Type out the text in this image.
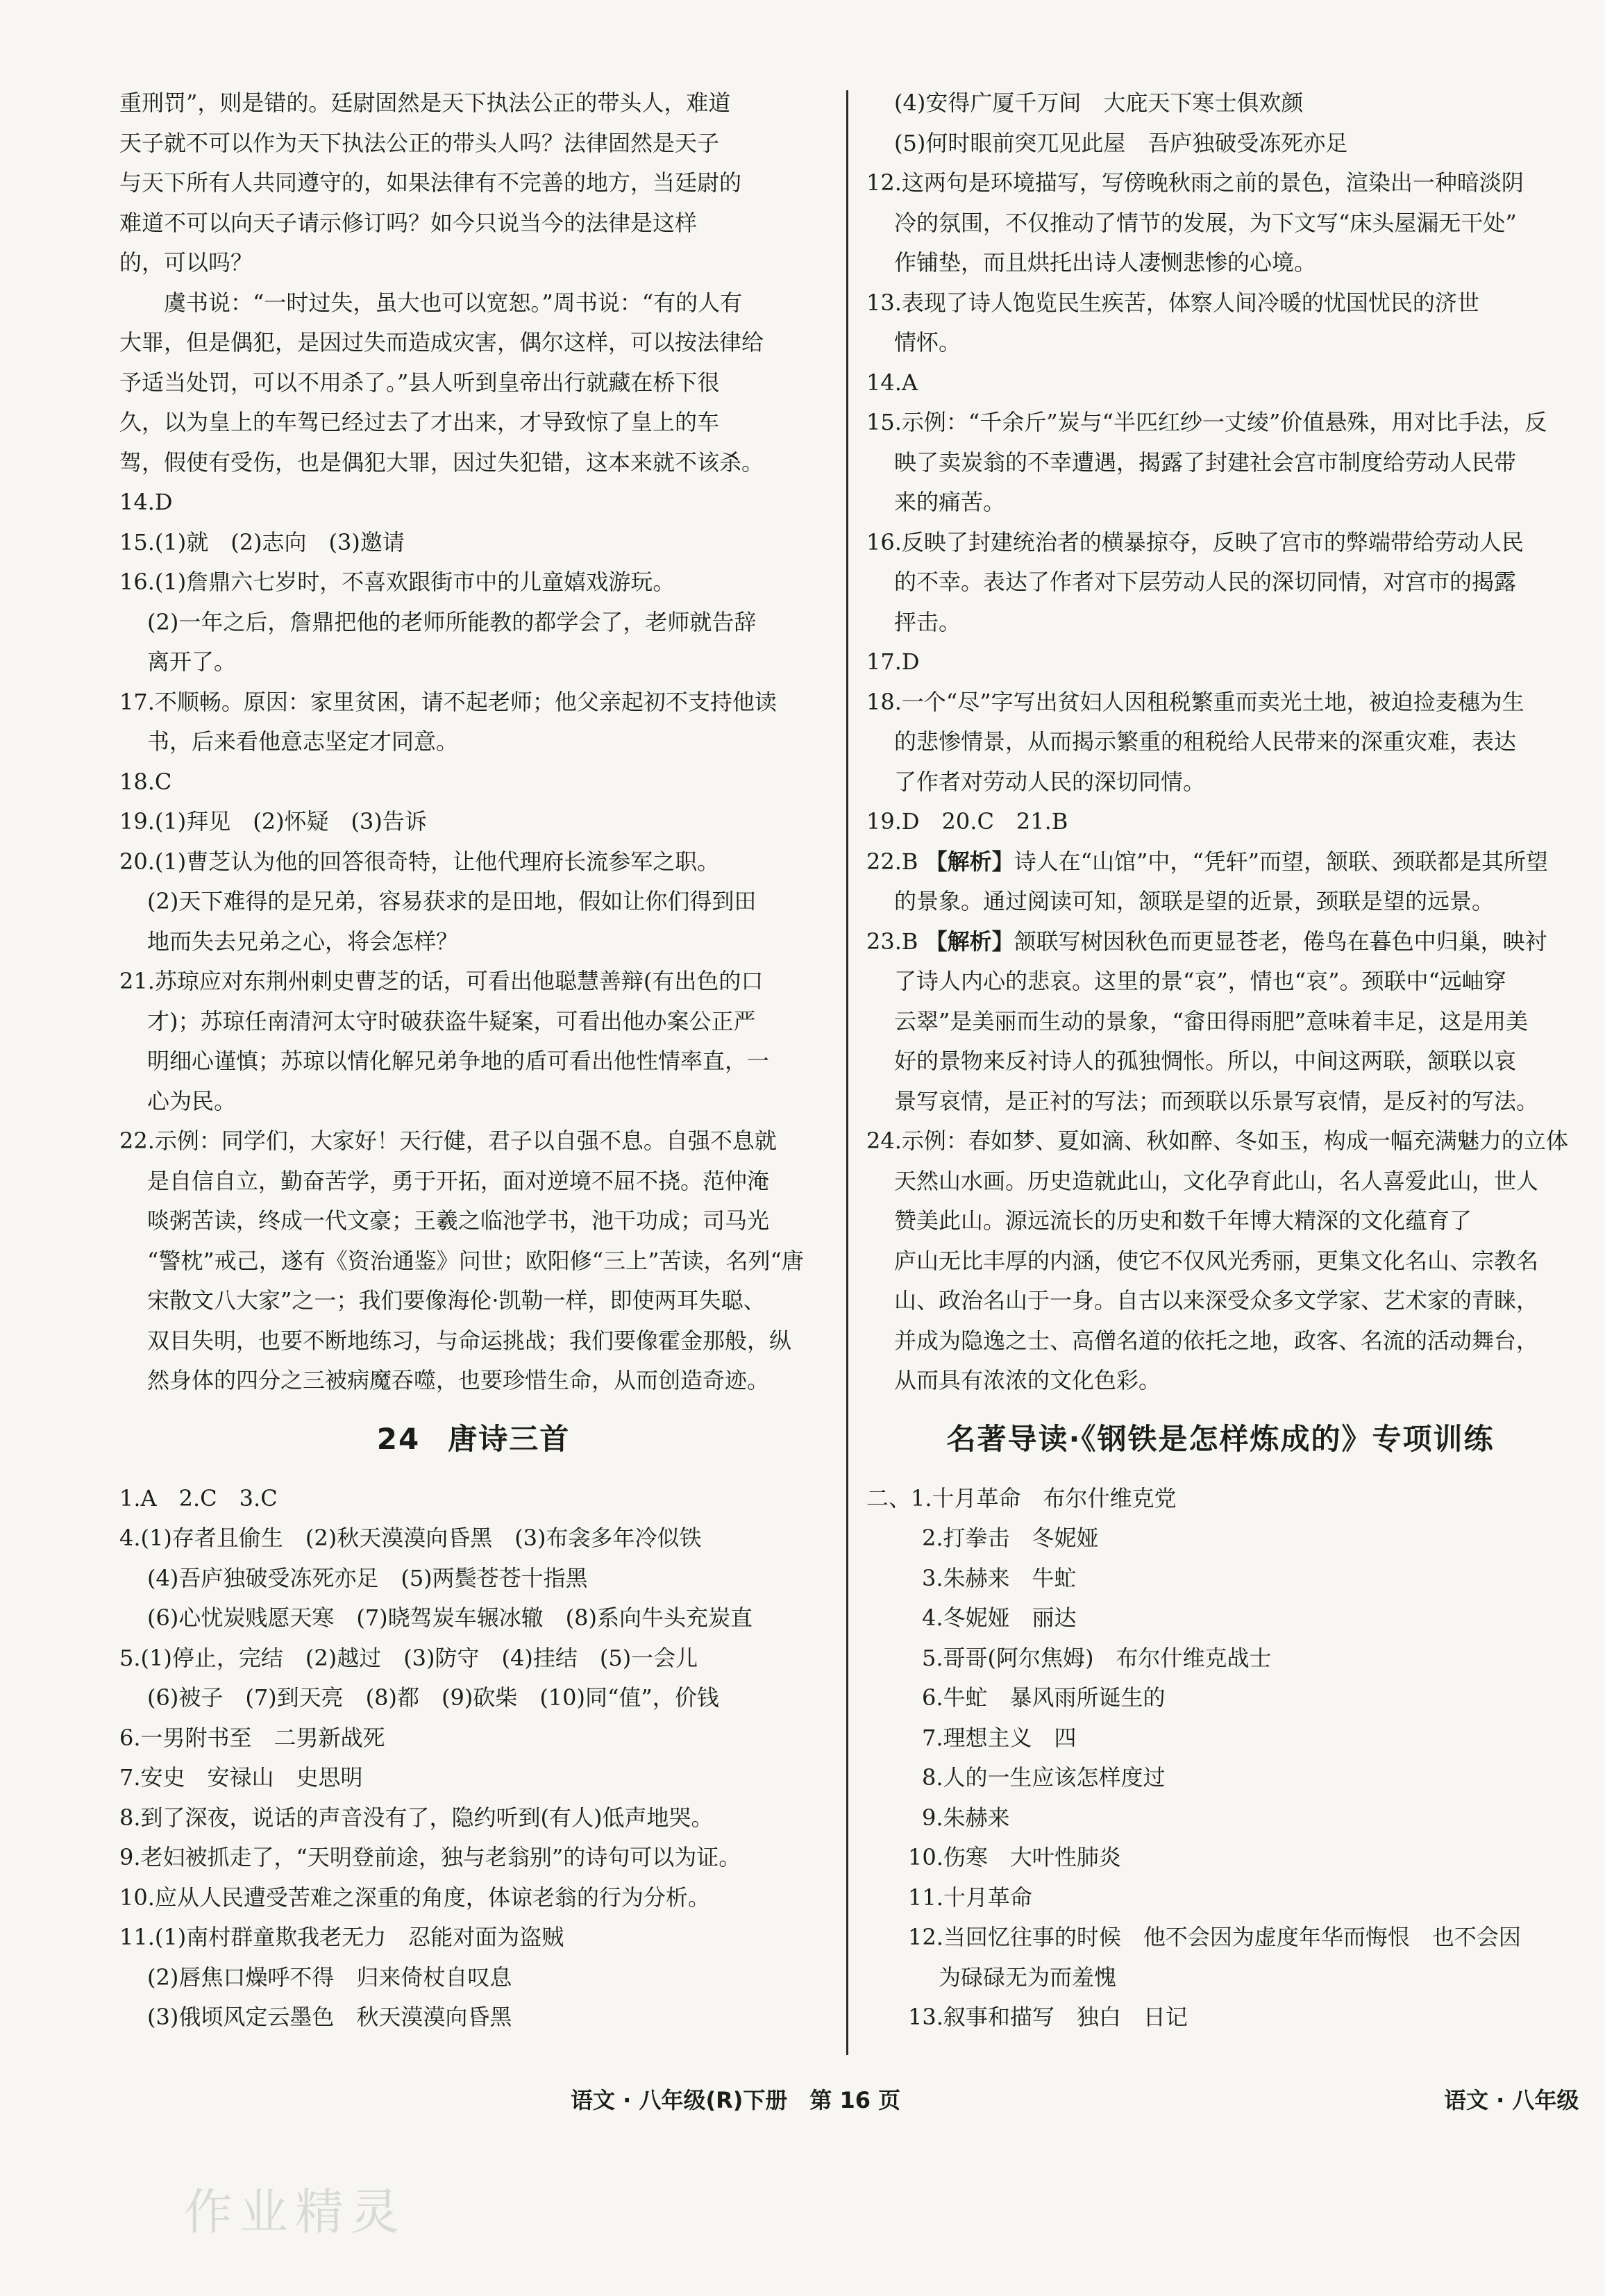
重刑罚”，则是错的。廷尉固然是天下执法公正的带头人，难道
天子就不可以作为天下执法公正的带头人吗？法律固然是天子
与天下所有人共同遵守的，如果法律有不完善的地方，当廷尉的
难道不可以向天子请示修订吗？如今只说当今的法律是这样
的，可以吗？
虞书说：“一时过失，虽大也可以宽恕。”周书说：“有的人有
大罪，但是偶犯，是因过失而造成灾害，偶尔这样，可以按法律给
予适当处罚，可以不用杀了。”县人听到皇帝出行就藏在桥下很
久，以为皇上的车驾已经过去了才出来，才导致惊了皇上的车
驾，假使有受伤，也是偶犯大罪，因过失犯错，这本来就不该杀。
14.D
15.(1)就　(2)志向　(3)邀请
16.(1)詹鼎六七岁时，不喜欢跟街市中的儿童嬉戏游玩。
(2)一年之后，詹鼎把他的老师所能教的都学会了，老师就告辞
离开了。
17.不顺畅。原因：家里贫困，请不起老师；他父亲起初不支持他读
书，后来看他意志坚定才同意。
18.C
19.(1)拜见　(2)怀疑　(3)告诉
20.(1)曹芝认为他的回答很奇特，让他代理府长流参军之职。
(2)天下难得的是兄弟，容易获求的是田地，假如让你们得到田
地而失去兄弟之心，将会怎样？
21.苏琼应对东荆州刺史曹芝的话，可看出他聪慧善辩(有出色的口
才)；苏琼任南清河太守时破获盗牛疑案，可看出他办案公正严
明细心谨慎；苏琼以情化解兄弟争地的盾可看出他性情率直，一
心为民。
22.示例：同学们，大家好！天行健，君子以自强不息。自强不息就
是自信自立，勤奋苦学，勇于开拓，面对逆境不屈不挠。范仲淹
啖粥苦读，终成一代文豪；王羲之临池学书，池干功成；司马光
“警枕”戒己，遂有《资治通鉴》问世；欧阳修“三上”苦读，名列“唐
宋散文八大家”之一；我们要像海伦·凯勒一样，即使两耳失聪、
双目失明，也要不断地练习，与命运挑战；我们要像霍金那般，纵
然身体的四分之三被病魔吞噬，也要珍惜生命，从而创造奇迹。
24 唐诗三首
1.A　2.C　3.C
4.(1)存者且偷生　(2)秋天漠漠向昏黑　(3)布衾多年冷似铁
(4)吾庐独破受冻死亦足　(5)两鬓苍苍十指黑
(6)心忧炭贱愿天寒　(7)晓驾炭车辗冰辙　(8)系向牛头充炭直
5.(1)停止，完结　(2)越过　(3)防守　(4)挂结　(5)一会儿
(6)被子　(7)到天亮　(8)都　(9)砍柴　(10)同“值”，价钱
6.一男附书至　二男新战死
7.安史　安禄山　史思明
8.到了深夜，说话的声音没有了，隐约听到(有人)低声地哭。
9.老妇被抓走了，“天明登前途，独与老翁别”的诗句可以为证。
10.应从人民遭受苦难之深重的角度，体谅老翁的行为分析。
11.(1)南村群童欺我老无力　忍能对面为盗贼
(2)唇焦口燥呼不得　归来倚杖自叹息
(3)俄顷风定云墨色　秋天漠漠向昏黑
(4)安得广厦千万间　大庇天下寒士俱欢颜
(5)何时眼前突兀见此屋　吾庐独破受冻死亦足
12.这两句是环境描写，写傍晚秋雨之前的景色，渲染出一种暗淡阴
冷的氛围，不仅推动了情节的发展，为下文写“床头屋漏无干处”
作铺垫，而且烘托出诗人凄恻悲惨的心境。
13.表现了诗人饱览民生疾苦，体察人间冷暖的忧国忧民的济世
情怀。
14.A
15.示例：“千余斤”炭与“半匹红纱一丈绫”价值悬殊，用对比手法，反
映了卖炭翁的不幸遭遇，揭露了封建社会宫市制度给劳动人民带
来的痛苦。
16.反映了封建统治者的横暴掠夺，反映了宫市的弊端带给劳动人民
的不幸。表达了作者对下层劳动人民的深切同情，对宫市的揭露
抨击。
17.D
18.一个“尽”字写出贫妇人因租税繁重而卖光土地，被迫捡麦穗为生
的悲惨情景，从而揭示繁重的租税给人民带来的深重灾难，表达
了作者对劳动人民的深切同情。
19.D　20.C　21.B
22.B 【解析】诗人在“山馆”中，“凭轩”而望，颔联、颈联都是其所望
的景象。通过阅读可知，颔联是望的近景，颈联是望的远景。
23.B 【解析】颔联写树因秋色而更显苍老，倦鸟在暮色中归巢，映衬
了诗人内心的悲哀。这里的景“哀”，情也“哀”。颈联中“远岫穿
云翠”是美丽而生动的景象，“畲田得雨肥”意味着丰足，这是用美
好的景物来反衬诗人的孤独惆怅。所以，中间这两联，颔联以哀
景写哀情，是正衬的写法；而颈联以乐景写哀情，是反衬的写法。
24.示例：春如梦、夏如滴、秋如醉、冬如玉，构成一幅充满魅力的立体
天然山水画。历史造就此山，文化孕育此山，名人喜爱此山，世人
赞美此山。源远流长的历史和数千年博大精深的文化蕴育了
庐山无比丰厚的内涵，使它不仅风光秀丽，更集文化名山、宗教名
山、政治名山于一身。自古以来深受众多文学家、艺术家的青睐，
并成为隐逸之士、高僧名道的依托之地，政客、名流的活动舞台，
从而具有浓浓的文化色彩。
名著导读·《钢铁是怎样炼成的》专项训练
二、1.十月革命　布尔什维克党
2.打拳击　冬妮娅
3.朱赫来　牛虻
4.冬妮娅　丽达
5.哥哥(阿尔焦姆)　布尔什维克战士
6.牛虻　暴风雨所诞生的
7.理想主义　四
8.人的一生应该怎样度过
9.朱赫来
10.伤寒　大叶性肺炎
11.十月革命
12.当回忆往事的时候　他不会因为虚度年华而悔恨　也不会因
为碌碌无为而羞愧
13.叙事和描写　独白　日记
语文 · 八年级(R)下册　第 16 页	语文 · 八年级
作业精灵
